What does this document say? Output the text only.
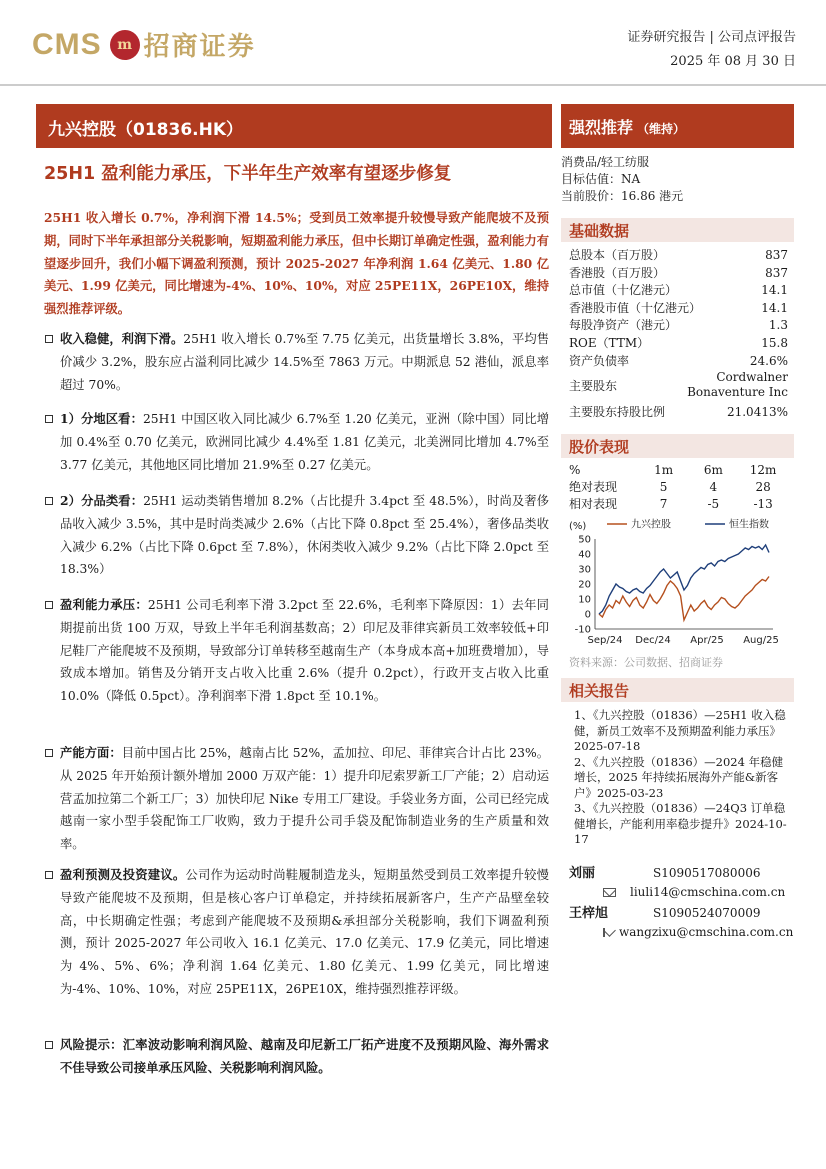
CMS	m 招商证券	证券研究报告 | 公司点评报告
2025 年 08 月 30 日
九兴控股（01836.HK）	强烈推荐 （维持）
25H1 盈利能力承压，下半年生产效率有望逐步修复
25H1 收入增长 0.7%，净利润下滑 14.5%；受到员工效率提升较慢导致产能爬坡不及预期，同时下半年承担部分关税影响，短期盈利能力承压，但中长期订单确定性强，盈利能力有望逐步回升，我们小幅下调盈利预测，预计 2025-2027 年净利润 1.64 亿美元、1.80 亿美元、1.99 亿美元，同比增速为-4%、10%、10%，对应 25PE11X，26PE10X，维持强烈推荐评级。
收入稳健，利润下滑。25H1 收入增长 0.7%至 7.75 亿美元，出货量增长 3.8%，平均售价减少 3.2%，股东应占溢利同比减少 14.5%至 7863 万元。中期派息 52 港仙，派息率超过 70%。
1）分地区看：25H1 中国区收入同比减少 6.7%至 1.20 亿美元，亚洲（除中国）同比增加 0.4%至 0.70 亿美元，欧洲同比减少 4.4%至 1.81 亿美元，北美洲同比增加 4.7%至 3.77 亿美元，其他地区同比增加 21.9%至 0.27 亿美元。
2）分品类看：25H1 运动类销售增加 8.2%（占比提升 3.4pct 至 48.5%），时尚及奢侈品收入减少 3.5%，其中是时尚类减少 2.6%（占比下降 0.8pct 至 25.4%），奢侈品类收入减少 6.2%（占比下降 0.6pct 至 7.8%），休闲类收入减少 9.2%（占比下降 2.0pct 至 18.3%）
盈利能力承压：25H1 公司毛利率下滑 3.2pct 至 22.6%，毛利率下降原因：1）去年同期提前出货 100 万双，导致上半年毛利润基数高；2）印尼及菲律宾新员工效率较低+印尼鞋厂产能爬坡不及预期，导致部分订单转移至越南生产（本身成本高+加班费增加），导致成本增加。销售及分销开支占收入比重 2.6%（提升 0.2pct），行政开支占收入比重 10.0%（降低 0.5pct）。净利润率下滑 1.8pct 至 10.1%。
产能方面：目前中国占比 25%，越南占比 52%，孟加拉、印尼、菲律宾合计占比 23%。从 2025 年开始预计额外增加 2000 万双产能：1）提升印尼索罗新工厂产能；2）启动运营孟加拉第二个新工厂；3）加快印尼 Nike 专用工厂建设。手袋业务方面，公司已经完成越南一家小型手袋配饰工厂收购，致力于提升公司手袋及配饰制造业务的生产质量和效率。
盈利预测及投资建议。公司作为运动时尚鞋履制造龙头，短期虽然受到员工效率提升较慢导致产能爬坡不及预期，但是核心客户订单稳定，并持续拓展新客户，生产产品壁垒较高，中长期确定性强；考虑到产能爬坡不及预期&承担部分关税影响，我们下调盈利预测，预计 2025-2027 年公司收入 16.1 亿美元、17.0 亿美元、17.9 亿美元，同比增速为 4%、5%、6%；净利润 1.64 亿美元、1.80 亿美元、1.99 亿美元，同比增速为-4%、10%、10%，对应 25PE11X，26PE10X，维持强烈推荐评级。
风险提示：汇率波动影响利润风险、越南及印尼新工厂拓产进度不及预期风险、海外需求不佳导致公司接单承压风险、关税影响利润风险。
消费品/轻工纺服
目标估值：NA
当前股价：16.86 港元
基础数据
总股本（百万股）	837
香港股（百万股）	837
总市值（十亿港元）	14.1
香港股市值（十亿港元）	14.1
每股净资产（港元）	1.3
ROE（TTM）	15.8
资产负债率	24.6%
主要股东
Cordwalner Bonaventure Inc
主要股东持股比例	21.0413%
股价表现
%	1m	6m	12m
绝对表现	5	4	28
相对表现	7	-5	-13
(%)
50
40
30
20
10
0
-10
Sep/24 Dec/24 Apr/25 Aug/25
九兴控股	恒生指数
资料来源：公司数据、招商证券
相关报告
1、《九兴控股（01836）—25H1 收入稳健，新员工效率不及预期盈利能力承压》2025-07-18
2、《九兴控股（01836）—2024 年稳健增长，2025 年持续拓展海外产能&新客户》2025-03-23
3、《九兴控股（01836）—24Q3 订单稳健增长，产能利用率稳步提升》2024-10-17
刘丽	S1090517080006
liuli14@cmschina.com.cn
王梓旭	S1090524070009
wangzixu@cmschina.com.cn
